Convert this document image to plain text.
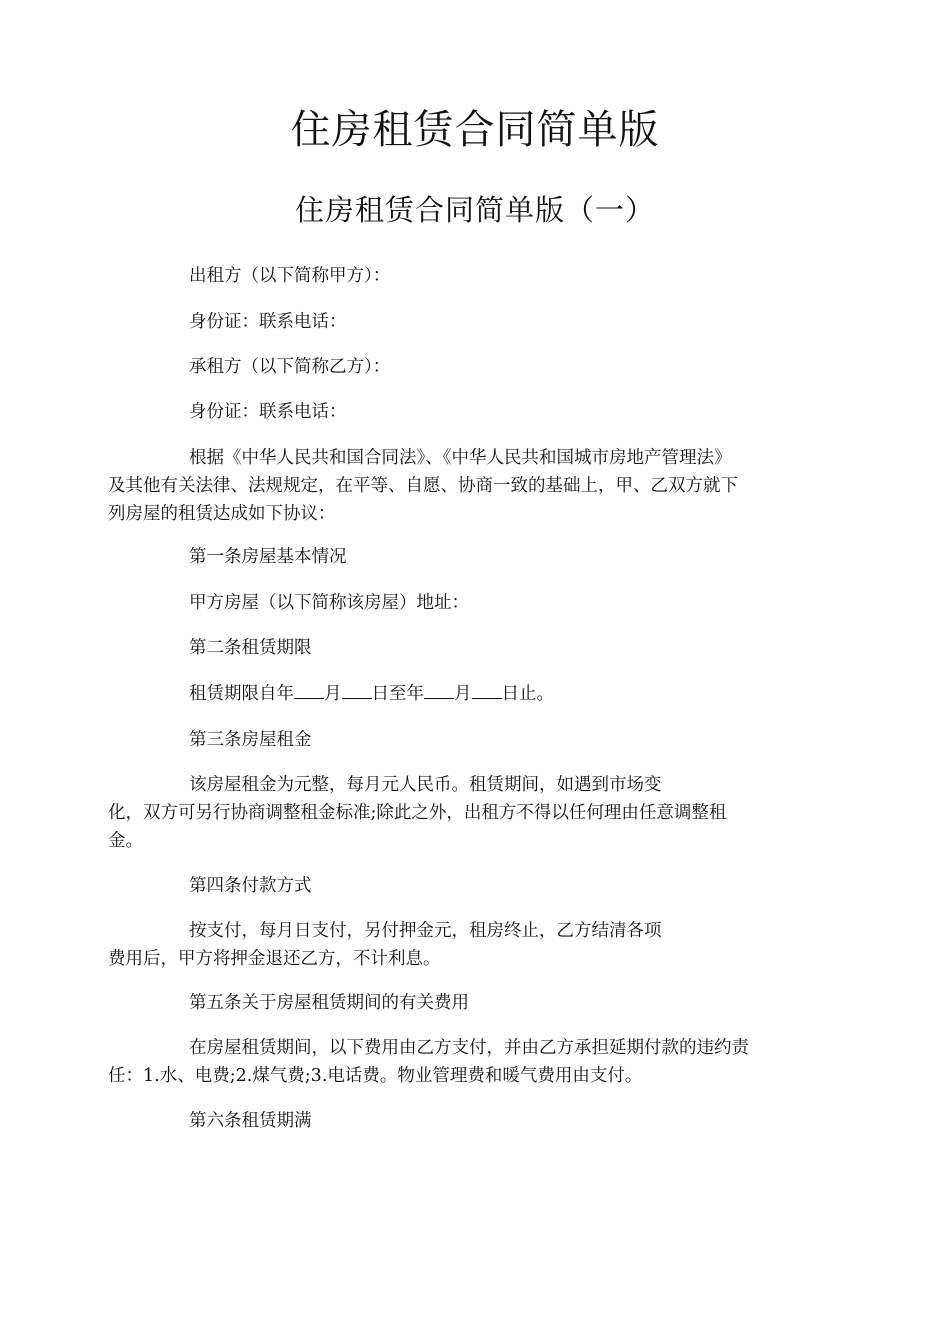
住房租赁合同简单版
住房租赁合同简单版（一）
出租方（以下简称甲方）：
身份证：联系电话：
承租方（以下简称乙方）：
身份证：联系电话：
根据《中华人民共和国合同法》、《中华人民共和国城市房地产管理法》
及其他有关法律、法规规定，在平等、自愿、协商一致的基础上，甲、乙双方就下
列房屋的租赁达成如下协议：
第一条房屋基本情况
甲方房屋（以下简称该房屋）地址：
第二条租赁期限
租赁期限自年 月 日至年 月 日止。
第三条房屋租金
该房屋租金为元整，每月元人民币。租赁期间，如遇到市场变
化，双方可另行协商调整租金标准;除此之外，出租方不得以任何理由任意调整租
金。
第四条付款方式
按支付，每月日支付，另付押金元，租房终止，乙方结清各项
费用后，甲方将押金退还乙方，不计利息。
第五条关于房屋租赁期间的有关费用
在房屋租赁期间，以下费用由乙方支付，并由乙方承担延期付款的违约责
任：1.水、电费;2.煤气费;3.电话费。物业管理费和暖气费用由支付。
第六条租赁期满
